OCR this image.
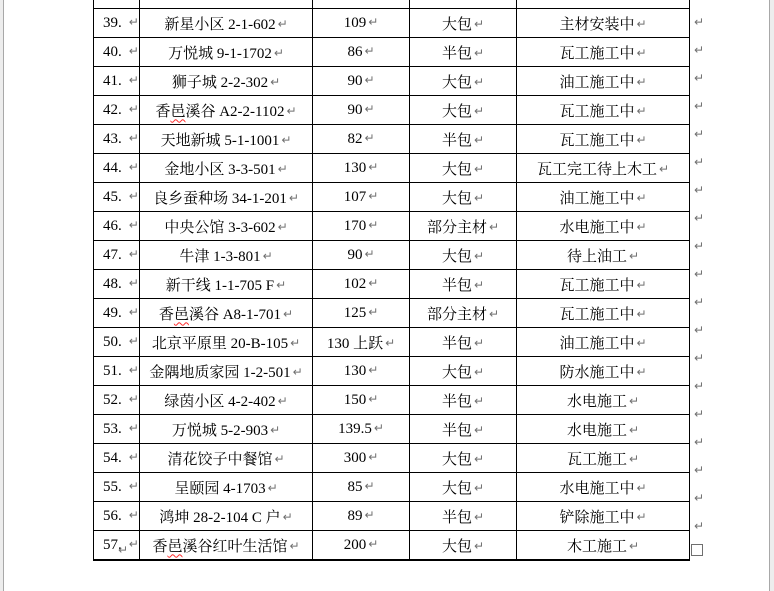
39. ↵	新星小区 2-1-602 ↵	109 ↵	大包 ↵	主材安装中 ↵
40. ↵	万悦城 9-1-1702 ↵	86 ↵	半包 ↵	瓦工施工中 ↵
41. ↵	狮子城 2-2-302 ↵	90 ↵	大包 ↵	油工施工中 ↵
42. ↵	香邑溪谷 A2-2-1102 ↵	90 ↵	大包 ↵	瓦工施工中 ↵
43. ↵	天地新城 5-1-1001 ↵	82 ↵	半包 ↵	瓦工施工中 ↵
44. ↵	金地小区 3-3-501 ↵	130 ↵	大包 ↵	瓦工完工待上木工 ↵
45. ↵	良乡蚕种场 34-1-201 ↵	107 ↵	大包 ↵	油工施工中 ↵
46. ↵	中央公馆 3-3-602 ↵	170 ↵	部分主材 ↵	水电施工中 ↵
47. ↵	牛津 1-3-801 ↵	90 ↵	大包 ↵	待上油工 ↵
48. ↵	新干线 1-1-705 F ↵	102 ↵	半包 ↵	瓦工施工中 ↵
49. ↵	香邑溪谷 A8-1-701 ↵	125 ↵	部分主材 ↵	瓦工施工中 ↵
50. ↵	北京平原里 20-B-105 ↵	130 上跃 ↵	半包 ↵	油工施工中 ↵
51. ↵	金隅地质家园 1-2-501 ↵	130 ↵	大包 ↵	防水施工中 ↵
52. ↵	绿茵小区 4-2-402 ↵	150 ↵	半包 ↵	水电施工 ↵
53. ↵	万悦城 5-2-903 ↵	139.5 ↵	半包 ↵	水电施工 ↵
54. ↵	清花饺子中餐馆 ↵	300 ↵	大包 ↵	瓦工施工 ↵
55. ↵	呈颐园 4-1703 ↵	85 ↵	大包 ↵	水电施工中 ↵
56. ↵	鸿坤 28-2-104 C 户 ↵	89 ↵	半包 ↵	铲除施工中 ↵
57. ↵	香邑溪谷红叶生活馆 ↵	200 ↵	大包 ↵	木工施工 ↵
↵
↵
↵
↵
↵
↵
↵
↵
↵
↵
↵
↵
↵
↵
↵
↵
↵
↵
↵
↵
